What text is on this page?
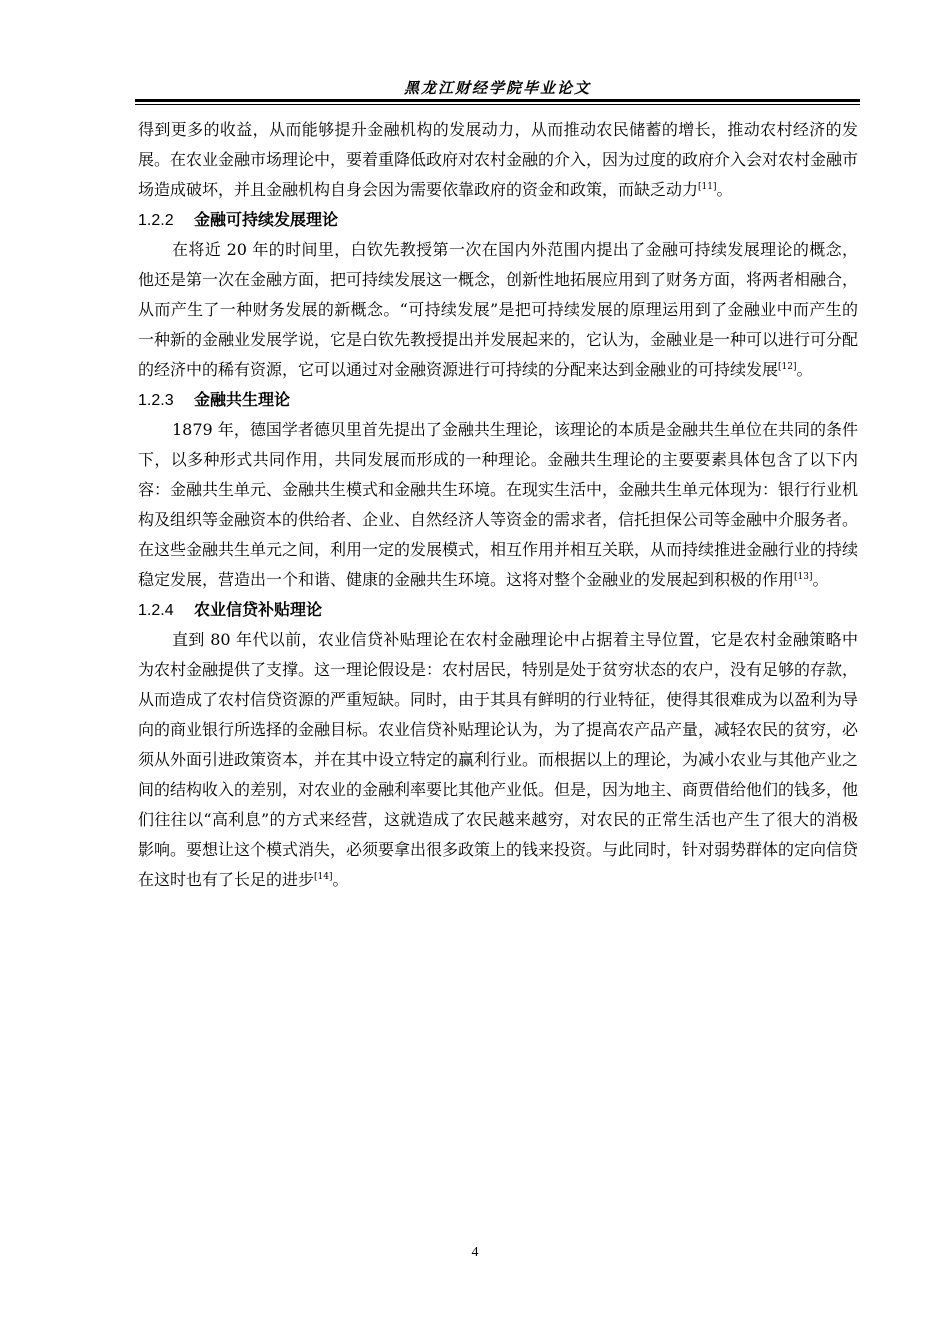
黑龙江财经学院毕业论文

得到更多的收益，从而能够提升金融机构的发展动力，从而推动农民储蓄的增长，推动农村经济的发展。在农业金融市场理论中，要着重降低政府对农村金融的介入，因为过度的政府介入会对农村金融市场造成破坏，并且金融机构自身会因为需要依靠政府的资金和政策，而缺乏动力[11]。

1.2.2 金融可持续发展理论

在将近 20 年的时间里，白钦先教授第一次在国内外范围内提出了金融可持续发展理论的概念，他还是第一次在金融方面，把可持续发展这一概念，创新性地拓展应用到了财务方面，将两者相融合，从而产生了一种财务发展的新概念。“可持续发展”是把可持续发展的原理运用到了金融业中而产生的一种新的金融业发展学说，它是白钦先教授提出并发展起来的，它认为，金融业是一种可以进行可分配的经济中的稀有资源，它可以通过对金融资源进行可持续的分配来达到金融业的可持续发展[12]。

1.2.3 金融共生理论

1879 年，德国学者德贝里首先提出了金融共生理论，该理论的本质是金融共生单位在共同的条件下，以多种形式共同作用，共同发展而形成的一种理论。金融共生理论的主要要素具体包含了以下内容：金融共生单元、金融共生模式和金融共生环境。在现实生活中，金融共生单元体现为：银行行业机构及组织等金融资本的供给者、企业、自然经济人等资金的需求者，信托担保公司等金融中介服务者。在这些金融共生单元之间，利用一定的发展模式，相互作用并相互关联，从而持续推进金融行业的持续稳定发展，营造出一个和谐、健康的金融共生环境。这将对整个金融业的发展起到积极的作用[13]。

1.2.4 农业信贷补贴理论

直到 80 年代以前，农业信贷补贴理论在农村金融理论中占据着主导位置，它是农村金融策略中为农村金融提供了支撑。这一理论假设是：农村居民，特别是处于贫穷状态的农户，没有足够的存款，从而造成了农村信贷资源的严重短缺。同时，由于其具有鲜明的行业特征，使得其很难成为以盈利为导向的商业银行所选择的金融目标。农业信贷补贴理论认为，为了提高农产品产量，减轻农民的贫穷，必须从外面引进政策资本，并在其中设立特定的赢利行业。而根据以上的理论，为减小农业与其他产业之间的结构收入的差别，对农业的金融利率要比其他产业低。但是，因为地主、商贾借给他们的钱多，他们往往以“高利息”的方式来经营，这就造成了农民越来越穷，对农民的正常生活也产生了很大的消极影响。要想让这个模式消失，必须要拿出很多政策上的钱来投资。与此同时，针对弱势群体的定向信贷在这时也有了长足的进步[14]。

4
